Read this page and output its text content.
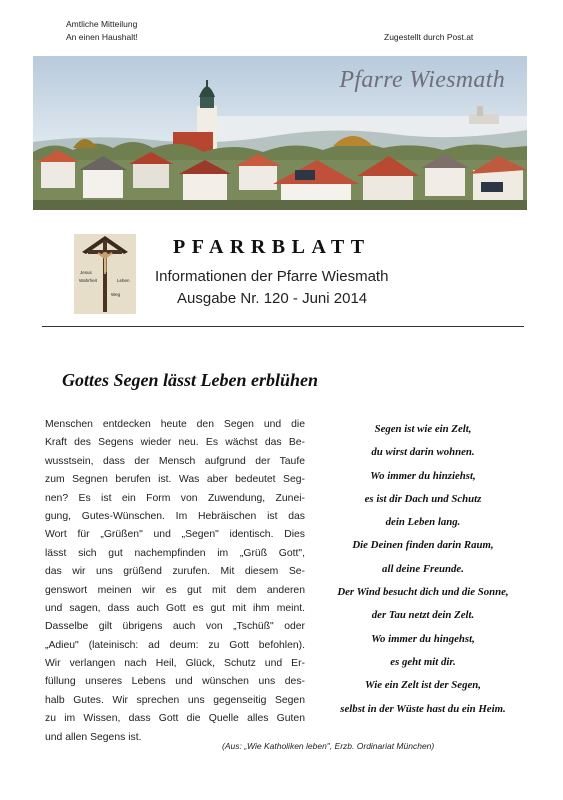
Amtliche Mitteilung
An einen Haushalt!	Zugestellt durch Post.at
Pfarre Wiesmath
Jesus
Wahrheit	Leben
Weg
PFARRBLATT
Informationen der Pfarre Wiesmath
Ausgabe Nr. 120 - Juni 2014
Gottes Segen lässt Leben erblühen
Menschen entdecken heute den Segen und die
Kraft des Segens wieder neu. Es wächst das Be-
wusstsein, dass der Mensch aufgrund der Taufe
zum Segnen berufen ist. Was aber bedeutet Seg-
nen? Es ist ein Form von Zuwendung, Zunei-
gung, Gutes-Wünschen. Im Hebräischen ist das
Wort für „Grüßen" und „Segen" identisch. Dies
lässt sich gut nachempfinden im „Grüß Gott",
das wir uns grüßend zurufen. Mit diesem Se-
genswort meinen wir es gut mit dem anderen
und sagen, dass auch Gott es gut mit ihm meint.
Dasselbe gilt übrigens auch von „Tschüß" oder
„Adieu" (lateinisch: ad deum: zu Gott befohlen).
Wir verlangen nach Heil, Glück, Schutz und Er-
füllung unseres Lebens und wünschen uns des-
halb Gutes. Wir sprechen uns gegenseitig Segen
zu im Wissen, dass Gott die Quelle alles Guten
und allen Segens ist.
Segen ist wie ein Zelt,
du wirst darin wohnen.
Wo immer du hinziehst,
es ist dir Dach und Schutz
dein Leben lang.
Die Deinen finden darin Raum,
all deine Freunde.
Der Wind besucht dich und die Sonne,
der Tau netzt dein Zelt.
Wo immer du hingehst,
es geht mit dir.
Wie ein Zelt ist der Segen,
selbst in der Wüste hast du ein Heim.
(Aus: „Wie Katholiken leben", Erzb. Ordinariat München)
